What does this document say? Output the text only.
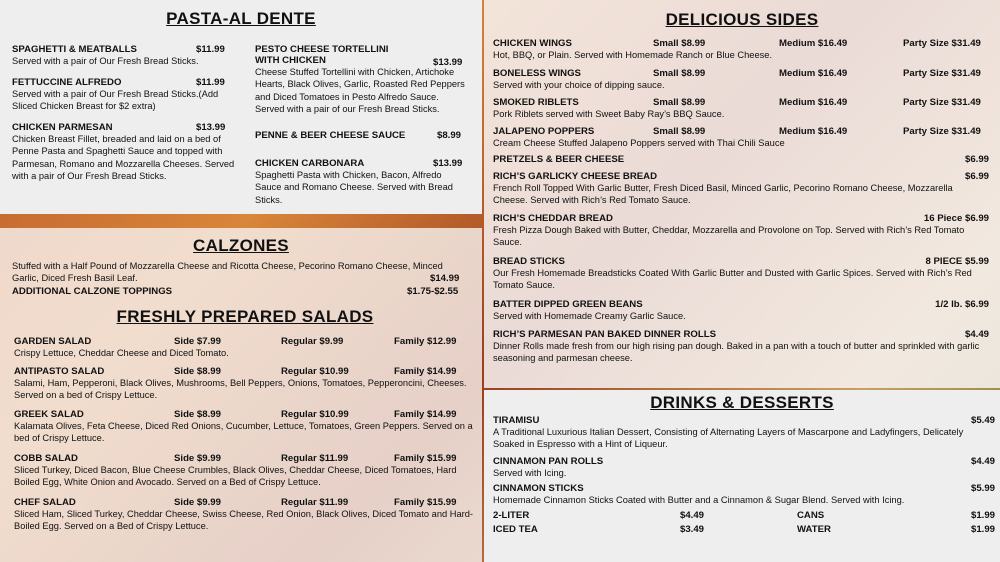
PASTA-AL DENTE
SPAGHETTI & MEATBALLS	$11.99
Served with a pair of Our Fresh Bread Sticks.
FETTUCCINE ALFREDO	$11.99
Served with a pair of Our Fresh Bread Sticks.(Add Sliced Chicken Breast for $2 extra)
CHICKEN PARMESAN	$13.99
Chicken Breast Fillet, breaded and laid on a bed of Penne Pasta and Spaghetti Sauce and topped with Parmesan, Romano and Mozzarella Cheeses. Served with a pair of Our Fresh Bread Sticks.
PESTO CHEESE TORTELLINI
WITH CHICKEN	$13.99
Cheese Stuffed Tortellini with Chicken, Artichoke Hearts, Black Olives, Garlic, Roasted Red Peppers and Diced Tomatoes in Pesto Alfredo Sauce. Served with a pair of our Fresh Bread Sticks.
PENNE & BEER CHEESE SAUCE	$8.99
CHICKEN CARBONARA	$13.99
Spaghetti Pasta with Chicken, Bacon, Alfredo Sauce and Romano Cheese. Served with Bread Sticks.
CALZONES
Stuffed with a Half Pound of Mozzarella Cheese and Ricotta Cheese, Pecorino Romano Cheese, Minced Garlic, Diced Fresh Basil Leaf.	$14.99
ADDITIONAL CALZONE TOPPINGS	$1.75-$2.55
FRESHLY PREPARED SALADS
GARDEN SALAD	Side $7.99	Regular $9.99	Family $12.99
Crispy Lettuce, Cheddar Cheese and Diced Tomato.
ANTIPASTO SALAD	Side $8.99	Regular $10.99	Family $14.99
Salami, Ham, Pepperoni, Black Olives, Mushrooms, Bell Peppers, Onions, Tomatoes, Pepperoncini, Cheeses. Served on a bed of Crispy Lettuce.
GREEK SALAD	Side $8.99	Regular $10.99	Family $14.99
Kalamata Olives, Feta Cheese, Diced Red Onions, Cucumber, Lettuce, Tomatoes, Green Peppers. Served on a bed of Crispy Lettuce.
COBB SALAD	Side $9.99	Regular $11.99	Family $15.99
Sliced Turkey, Diced Bacon, Blue Cheese Crumbles, Black Olives, Cheddar Cheese, Diced Tomatoes, Hard Boiled Egg, White Onion and Avocado. Served on a Bed of Crispy Lettuce.
CHEF SALAD	Side $9.99	Regular $11.99	Family $15.99
Sliced Ham, Sliced Turkey, Cheddar Cheese, Swiss Cheese, Red Onion, Black Olives, Diced Tomato and Hard-Boiled Egg. Served on a Bed of Crispy Lettuce.
DELICIOUS SIDES
CHICKEN WINGS	Small $8.99	Medium $16.49	Party Size $31.49
Hot, BBQ, or Plain. Served with Homemade Ranch or Blue Cheese.
BONELESS WINGS	Small $8.99	Medium $16.49	Party Size $31.49
Served with your choice of dipping sauce.
SMOKED RIBLETS	Small $8.99	Medium $16.49	Party Size $31.49
Pork Riblets served with Sweet Baby Ray’s BBQ Sauce.
JALAPENO POPPERS	Small $8.99	Medium $16.49	Party Size $31.49
Cream Cheese Stuffed Jalapeno Poppers served with Thai Chili Sauce
PRETZELS & BEER CHEESE	$6.99
RICH’S GARLICKY CHEESE BREAD	$6.99
French Roll Topped With Garlic Butter, Fresh Diced Basil, Minced Garlic, Pecorino Romano Cheese, Mozzarella Cheese. Served with Rich’s Red Tomato Sauce.
RICH’S CHEDDAR BREAD	16 Piece $6.99
Fresh Pizza Dough Baked with Butter, Cheddar, Mozzarella and Provolone on Top. Served with Rich’s Red Tomato Sauce.
BREAD STICKS	8 PIECE $5.99
Our Fresh Homemade Breadsticks Coated With Garlic Butter and Dusted with Garlic Spices. Served with Rich’s Red Tomato Sauce.
BATTER DIPPED GREEN BEANS	1/2 lb. $6.99
Served with Homemade Creamy Garlic Sauce.
RICH’S PARMESAN PAN BAKED DINNER ROLLS	$4.49
Dinner Rolls made fresh from our high rising pan dough. Baked in a pan with a touch of butter and sprinkled with garlic seasoning and parmesan cheese.
DRINKS & DESSERTS
TIRAMISU	$5.49
A Traditional Luxurious Italian Dessert, Consisting of Alternating Layers of Mascarpone and Ladyfingers, Delicately Soaked in Espresso with a Hint of Liqueur.
CINNAMON PAN ROLLS	$4.49
Served with Icing.
CINNAMON STICKS	$5.99
Homemade Cinnamon Sticks Coated with Butter and a Cinnamon & Sugar Blend. Served with Icing.
2-LITER	$4.49	CANS	$1.99
ICED TEA	$3.49	WATER	$1.99
